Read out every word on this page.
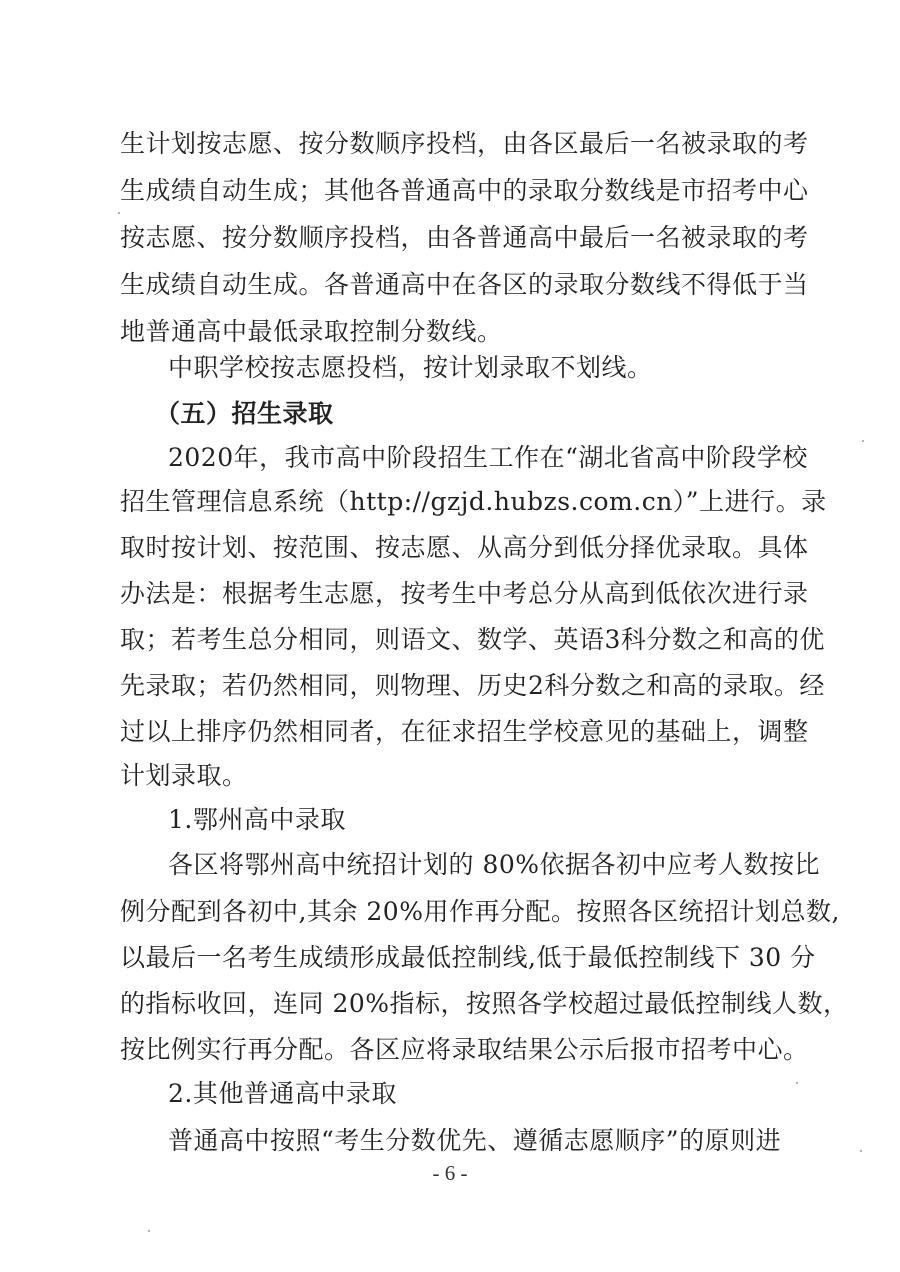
生计划按志愿、按分数顺序投档，由各区最后一名被录取的考
生成绩自动生成；其他各普通高中的录取分数线是市招考中心
按志愿、按分数顺序投档，由各普通高中最后一名被录取的考
生成绩自动生成。各普通高中在各区的录取分数线不得低于当
地普通高中最低录取控制分数线。
中职学校按志愿投档，按计划录取不划线。
（五）招生录取
2020年，我市高中阶段招生工作在“湖北省高中阶段学校
招生管理信息系统（http://gzjd.hubzs.com.cn）”上进行。录
取时按计划、按范围、按志愿、从高分到低分择优录取。具体
办法是：根据考生志愿，按考生中考总分从高到低依次进行录
取；若考生总分相同，则语文、数学、英语3科分数之和高的优
先录取；若仍然相同，则物理、历史2科分数之和高的录取。经
过以上排序仍然相同者，在征求招生学校意见的基础上，调整
计划录取。
1.鄂州高中录取
各区将鄂州高中统招计划的 80%依据各初中应考人数按比
例分配到各初中,其余 20%用作再分配。按照各区统招计划总数,
以最后一名考生成绩形成最低控制线,低于最低控制线下 30 分
的指标收回，连同 20%指标，按照各学校超过最低控制线人数，
按比例实行再分配。各区应将录取结果公示后报市招考中心。
2.其他普通高中录取
普通高中按照“考生分数优先、遵循志愿顺序”的原则进
- 6 -
